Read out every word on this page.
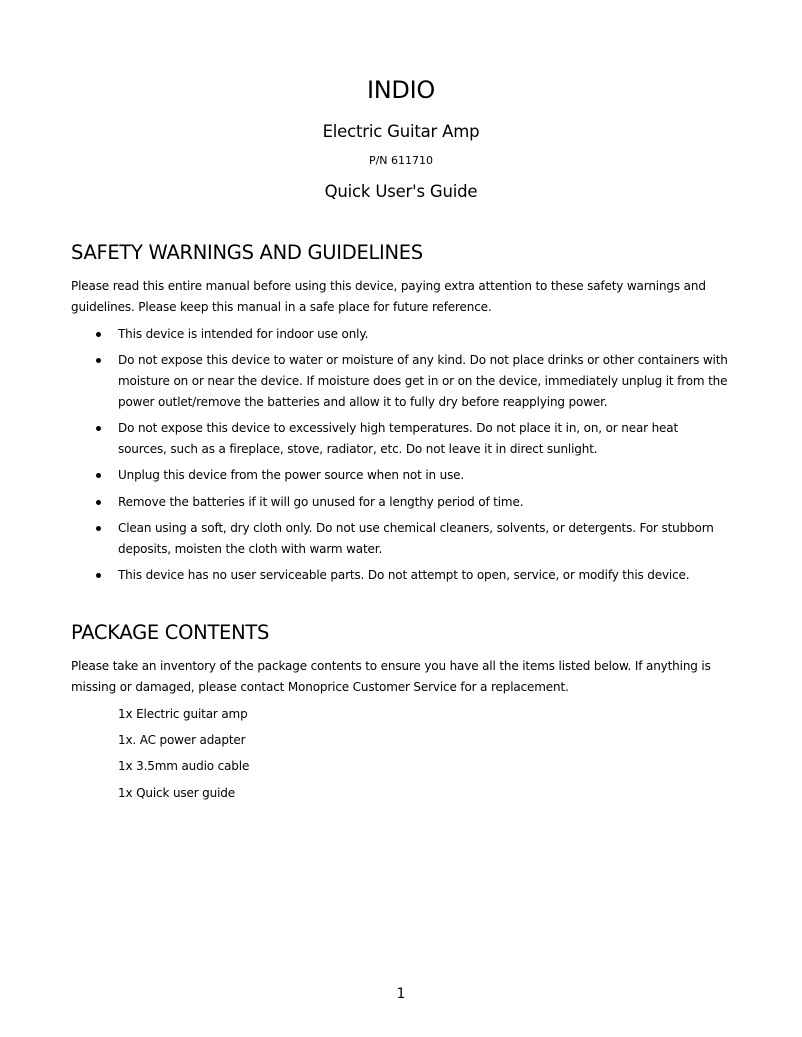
INDIO
Electric Guitar Amp
P/N 611710
Quick User's Guide
SAFETY WARNINGS AND GUIDELINES
Please read this entire manual before using this device, paying extra attention to these safety warnings and guidelines. Please keep this manual in a safe place for future reference.
This device is intended for indoor use only.
Do not expose this device to water or moisture of any kind. Do not place drinks or other containers with moisture on or near the device. If moisture does get in or on the device, immediately unplug it from the power outlet/remove the batteries and allow it to fully dry before reapplying power.
Do not expose this device to excessively high temperatures. Do not place it in, on, or near heat sources, such as a fireplace, stove, radiator, etc. Do not leave it in direct sunlight.
Unplug this device from the power source when not in use.
Remove the batteries if it will go unused for a lengthy period of time.
Clean using a soft, dry cloth only. Do not use chemical cleaners, solvents, or detergents. For stubborn deposits, moisten the cloth with warm water.
This device has no user serviceable parts. Do not attempt to open, service, or modify this device.
PACKAGE CONTENTS
Please take an inventory of the package contents to ensure you have all the items listed below. If anything is missing or damaged, please contact Monoprice Customer Service for a replacement.
1x Electric guitar amp
1x. AC power adapter
1x 3.5mm audio cable
1x Quick user guide
1
